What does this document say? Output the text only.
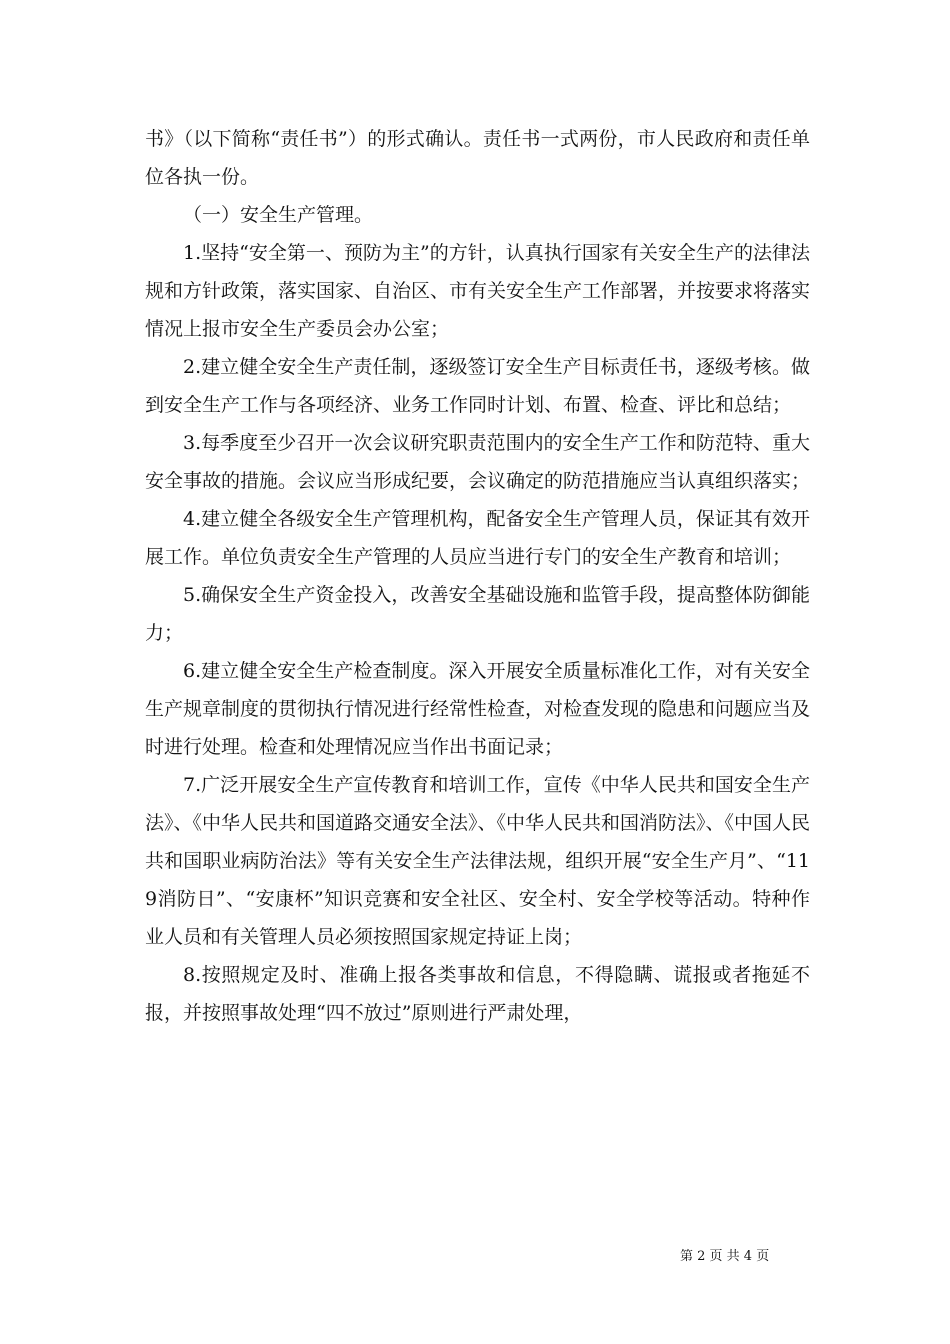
书》（以下简称“责任书”）的形式确认。责任书一式两份，市人民政府和责任单位各执一份。

（一）安全生产管理。

1.坚持“安全第一、预防为主”的方针，认真执行国家有关安全生产的法律法规和方针政策，落实国家、自治区、市有关安全生产工作部署，并按要求将落实情况上报市安全生产委员会办公室；

2.建立健全安全生产责任制，逐级签订安全生产目标责任书，逐级考核。做到安全生产工作与各项经济、业务工作同时计划、布置、检查、评比和总结；

3.每季度至少召开一次会议研究职责范围内的安全生产工作和防范特、重大安全事故的措施。会议应当形成纪要，会议确定的防范措施应当认真组织落实；

4.建立健全各级安全生产管理机构，配备安全生产管理人员，保证其有效开展工作。单位负责安全生产管理的人员应当进行专门的安全生产教育和培训；

5.确保安全生产资金投入，改善安全基础设施和监管手段，提高整体防御能力；

6.建立健全安全生产检查制度。深入开展安全质量标准化工作，对有关安全生产规章制度的贯彻执行情况进行经常性检查，对检查发现的隐患和问题应当及时进行处理。检查和处理情况应当作出书面记录；

7.广泛开展安全生产宣传教育和培训工作，宣传《中华人民共和国安全生产法》、《中华人民共和国道路交通安全法》、《中华人民共和国消防法》、《中国人民共和国职业病防治法》等有关安全生产法律法规，组织开展“安全生产月”、“119消防日”、“安康杯”知识竞赛和安全社区、安全村、安全学校等活动。特种作业人员和有关管理人员必须按照国家规定持证上岗；

8.按照规定及时、准确上报各类事故和信息，不得隐瞒、谎报或者拖延不报，并按照事故处理“四不放过”原则进行严肃处理，

第 2 页 共 4 页
